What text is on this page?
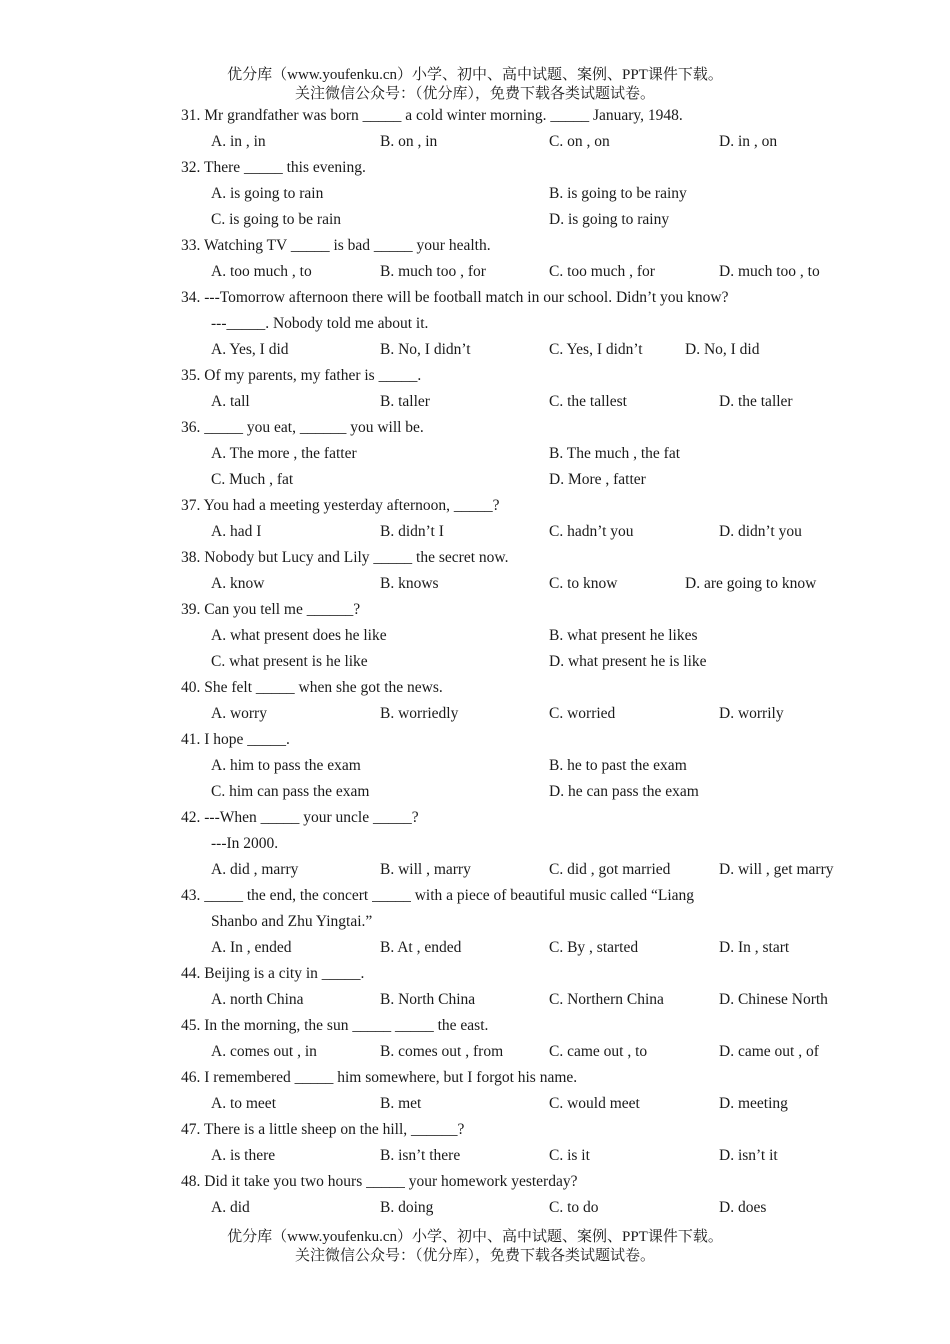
优分库（www.youfenku.cn）小学、初中、高中试题、案例、PPT课件下载。
关注微信公众号：（优分库），免费下载各类试题试卷。
31. Mr grandfather was born _____ a cold winter morning. _____ January, 1948.
A. in , in	B. on , in	C. on , on	D. in , on
32. There _____ this evening.
A. is going to rain	B. is going to be rainy
C. is going to be rain	D. is going to rainy
33. Watching TV _____ is bad _____ your health.
A. too much , to	B. much too , for	C. too much , for	D. much too , to
34. ---Tomorrow afternoon there will be football match in our school. Didn’t you know?
---_____. Nobody told me about it.
A. Yes, I did	B. No, I didn’t	C. Yes, I didn’t	D. No, I did
35. Of my parents, my father is _____.
A. tall	B. taller	C. the tallest	D. the taller
36. _____ you eat, ______ you will be.
A. The more , the fatter	B. The much , the fat
C. Much , fat	D. More , fatter
37. You had a meeting yesterday afternoon, _____?
A. had I	B. didn’t I	C. hadn’t you	D. didn’t you
38. Nobody but Lucy and Lily _____ the secret now.
A. know	B. knows	C. to know	D. are going to know
39. Can you tell me ______?
A. what present does he like	B. what present he likes
C. what present is he like	D. what present he is like
40. She felt _____ when she got the news.
A. worry	B. worriedly	C. worried	D. worrily
41. I hope _____.
A. him to pass the exam	B. he to past the exam
C. him can pass the exam	D. he can pass the exam
42. ---When _____ your uncle _____?
---In 2000.
A. did , marry	B. will , marry	C. did , got married	D. will , get marry
43. _____ the end, the concert _____ with a piece of beautiful music called “Liang
Shanbo and Zhu Yingtai.”
A. In , ended	B. At , ended	C. By , started	D. In , start
44. Beijing is a city in _____.
A. north China	B. North China	C. Northern China	D. Chinese North
45. In the morning, the sun _____ _____ the east.
A. comes out , in	B. comes out , from	C. came out , to	D. came out , of
46. I remembered _____ him somewhere, but I forgot his name.
A. to meet	B. met	C. would meet	D. meeting
47. There is a little sheep on the hill, ______?
A. is there	B. isn’t there	C. is it	D. isn’t it
48. Did it take you two hours _____ your homework yesterday?
A. did	B. doing	C. to do	D. does
优分库（www.youfenku.cn）小学、初中、高中试题、案例、PPT课件下载。
关注微信公众号：（优分库），免费下载各类试题试卷。
